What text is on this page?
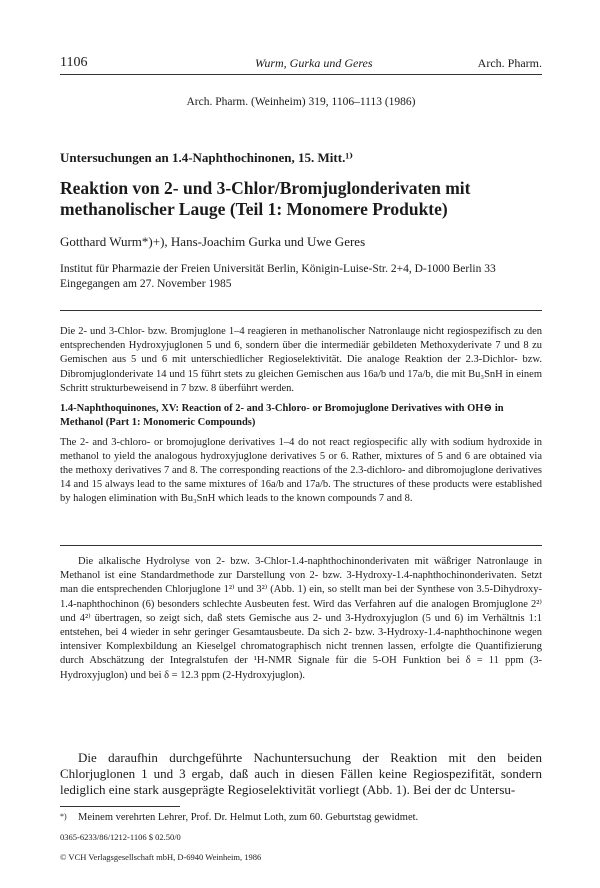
1106	Wurm, Gurka und Geres	Arch. Pharm.
Arch. Pharm. (Weinheim) 319, 1106–1113 (1986)
Untersuchungen an 1.4-Naphthochinonen, 15. Mitt.¹⁾
Reaktion von 2- und 3-Chlor/Bromjuglonderivaten mit methanolischer Lauge (Teil 1: Monomere Produkte)
Gotthard Wurm*)+), Hans-Joachim Gurka und Uwe Geres
Institut für Pharmazie der Freien Universität Berlin, Königin-Luise-Str. 2+4, D-1000 Berlin 33
Eingegangen am 27. November 1985
Die 2- und 3-Chlor- bzw. Bromjuglone 1–4 reagieren in methanolischer Natronlauge nicht regiospezifisch zu den entsprechenden Hydroxyjuglonen 5 und 6, sondern über die intermediär gebildeten Methoxyderivate 7 und 8 zu Gemischen aus 5 und 6 mit unterschiedlicher Regioselektivität. Die analoge Reaktion der 2.3-Dichlor- bzw. Dibromjuglonderivate 14 und 15 führt stets zu gleichen Gemischen aus 16a/b und 17a/b, die mit Bu₃SnH in einem Schritt strukturbeweisend in 7 bzw. 8 überführt werden.
1.4-Naphthoquinones, XV: Reaction of 2- and 3-Chloro- or Bromojuglone Derivatives with OH⊖ in Methanol (Part 1: Monomeric Compounds)
The 2- and 3-chloro- or bromojuglone derivatives 1–4 do not react regiospecific ally with sodium hydroxide in methanol to yield the analogous hydroxyjuglone derivatives 5 or 6. Rather, mixtures of 5 and 6 are obtained via the methoxy derivatives 7 and 8. The corresponding reactions of the 2.3-dichloro- and dibromojuglone derivatives 14 and 15 always lead to the same mixtures of 16a/b and 17a/b. The structures of these products were established by halogen elimination with Bu₃SnH which leads to the known compounds 7 and 8.
Die alkalische Hydrolyse von 2- bzw. 3-Chlor-1.4-naphthochinonderivaten mit wäßriger Natronlauge in Methanol ist eine Standardmethode zur Darstellung von 2- bzw. 3-Hydroxy-1.4-naphthochinonderivaten. Setzt man die entsprechenden Chlorjuglone 1²⁾ und 3²⁾ (Abb. 1) ein, so stellt man bei der Synthese von 3.5-Dihydroxy-1.4-naphthochinon (6) besonders schlechte Ausbeuten fest. Wird das Verfahren auf die analogen Bromjuglone 2²⁾ und 4²⁾ übertragen, so zeigt sich, daß stets Gemische aus 2- und 3-Hydroxyjuglon (5 und 6) im Verhältnis 1:1 entstehen, bei 4 wieder in sehr geringer Gesamtausbeute. Da sich 2- bzw. 3-Hydroxy-1.4-naphthochinone wegen intensiver Komplexbildung an Kieselgel chromatographisch nicht trennen lassen, erfolgte die Quantifizierung durch Abschätzung der Integralstufen der ¹H-NMR Signale für die 5-OH Funktion bei δ = 11 ppm (3-Hydroxyjuglon) und bei δ = 12.3 ppm (2-Hydroxyjuglon).
Die daraufhin durchgeführte Nachuntersuchung der Reaktion mit den beiden Chlorjuglonen 1 und 3 ergab, daß auch in diesen Fällen keine Regiospezifität, sondern lediglich eine stark ausgeprägte Regioselektivität vorliegt (Abb. 1). Bei der dc Untersu-
*) Meinem verehrten Lehrer, Prof. Dr. Helmut Loth, zum 60. Geburtstag gewidmet.
0365-6233/86/1212-1106 $ 02.50/0
© VCH Verlagsgesellschaft mbH, D-6940 Weinheim, 1986
